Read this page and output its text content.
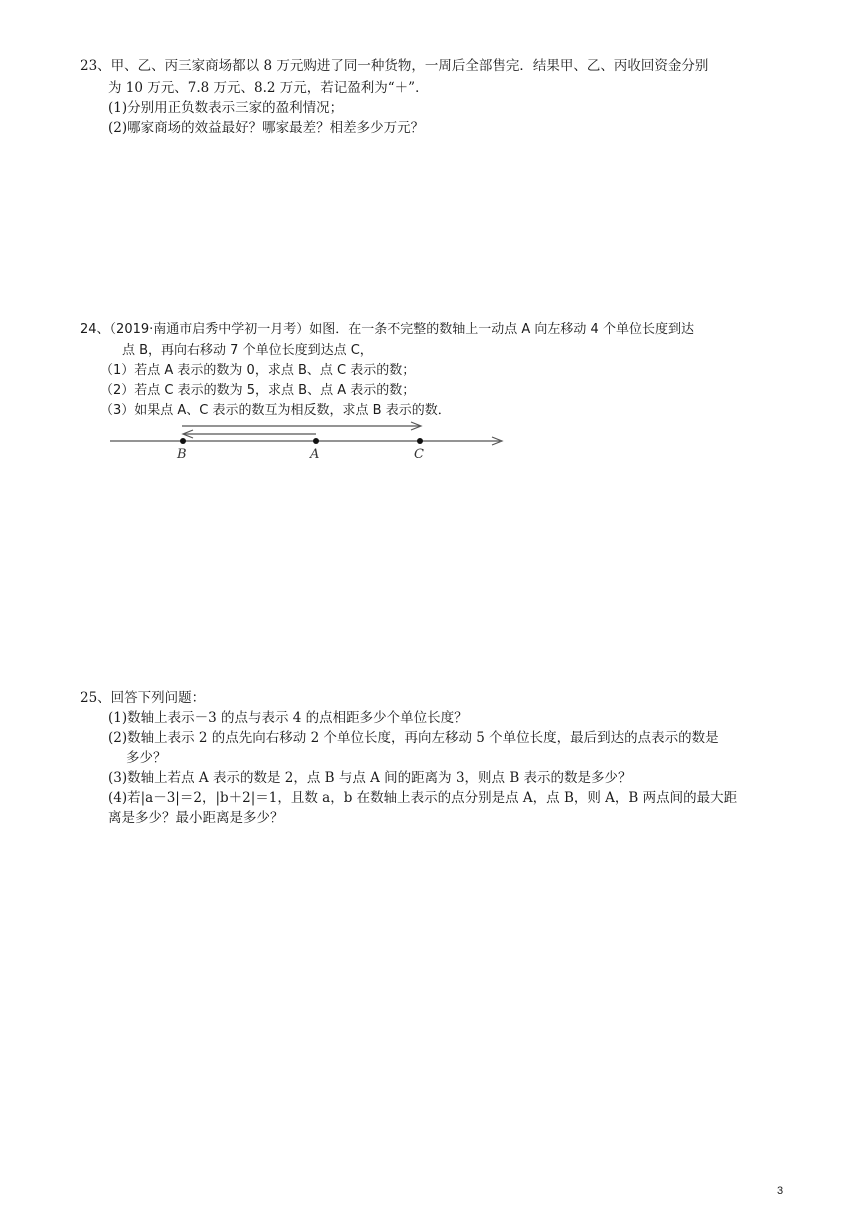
23、甲、乙、丙三家商场都以 8 万元购进了同一种货物，一周后全部售完．结果甲、乙、丙收回资金分别
为 10 万元、7.8 万元、8.2 万元，若记盈利为“＋”．
(1)分别用正负数表示三家的盈利情况；
(2)哪家商场的效益最好？哪家最差？相差多少万元？
24、（2019·南通市启秀中学初一月考）如图．在一条不完整的数轴上一动点 A 向左移动 4 个单位长度到达
点 B，再向右移动 7 个单位长度到达点 C，
（1）若点 A 表示的数为 0，求点 B、点 C 表示的数；
（2）若点 C 表示的数为 5，求点 B、点 A 表示的数；
（3）如果点 A、C 表示的数互为相反数，求点 B 表示的数．
B	A	C
25、回答下列问题：
(1)数轴上表示－3 的点与表示 4 的点相距多少个单位长度？
(2)数轴上表示 2 的点先向右移动 2 个单位长度，再向左移动 5 个单位长度，最后到达的点表示的数是
多少？
(3)数轴上若点 A 表示的数是 2，点 B 与点 A 间的距离为 3，则点 B 表示的数是多少？
(4)若|a－3|＝2，|b＋2|＝1，且数 a，b 在数轴上表示的点分别是点 A，点 B，则 A，B 两点间的最大距
离是多少？最小距离是多少？
3
